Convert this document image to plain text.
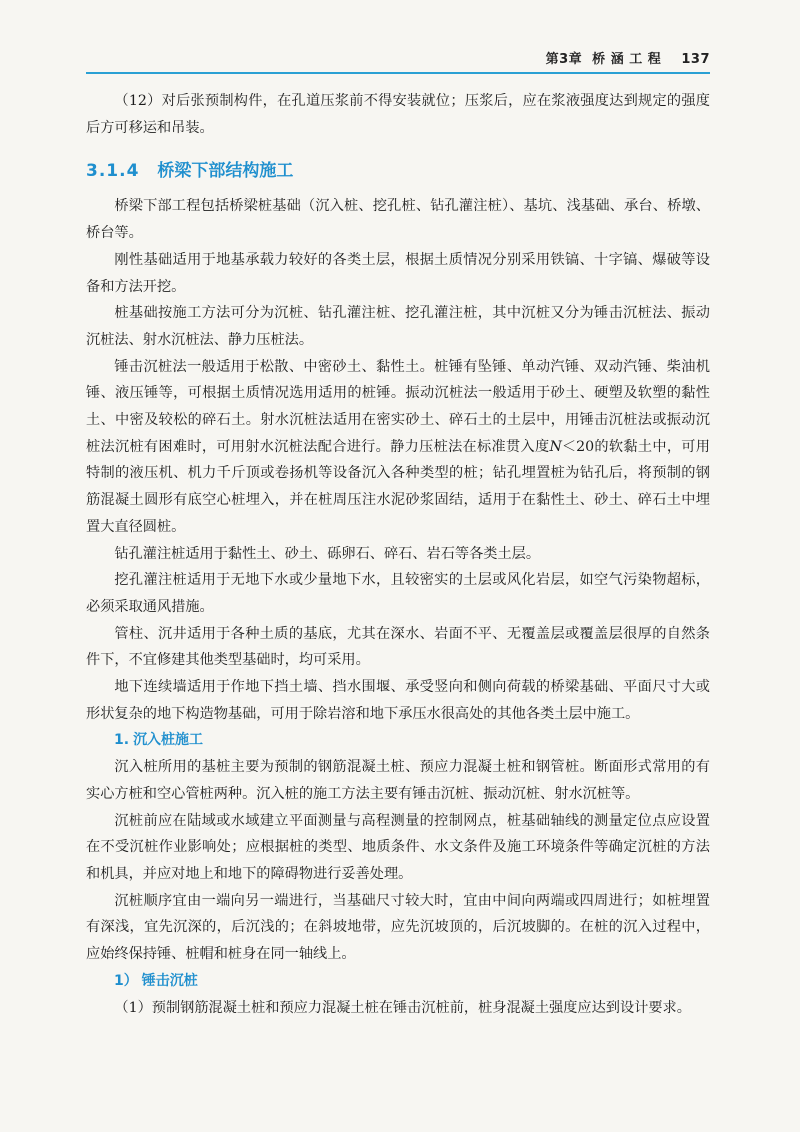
第3章  桥 涵 工 程    137

（12）对后张预制构件，在孔道压浆前不得安装就位；压浆后，应在浆液强度达到规定的强度后方可移运和吊装。

3.1.4 桥梁下部结构施工

桥梁下部工程包括桥梁桩基础（沉入桩、挖孔桩、钻孔灌注桩）、基坑、浅基础、承台、桥墩、桥台等。

刚性基础适用于地基承载力较好的各类土层，根据土质情况分别采用铁镐、十字镐、爆破等设备和方法开挖。

桩基础按施工方法可分为沉桩、钻孔灌注桩、挖孔灌注桩，其中沉桩又分为锤击沉桩法、振动沉桩法、射水沉桩法、静力压桩法。

锤击沉桩法一般适用于松散、中密砂土、黏性土。桩锤有坠锤、单动汽锤、双动汽锤、柴油机锤、液压锤等，可根据土质情况选用适用的桩锤。振动沉桩法一般适用于砂土、硬塑及软塑的黏性土、中密及较松的碎石土。射水沉桩法适用在密实砂土、碎石土的土层中，用锤击沉桩法或振动沉桩法沉桩有困难时，可用射水沉桩法配合进行。静力压桩法在标准贯入度N＜20的软黏土中，可用特制的液压机、机力千斤顶或卷扬机等设备沉入各种类型的桩；钻孔埋置桩为钻孔后，将预制的钢筋混凝土圆形有底空心桩埋入，并在桩周压注水泥砂浆固结，适用于在黏性土、砂土、碎石土中埋置大直径圆桩。

钻孔灌注桩适用于黏性土、砂土、砾卵石、碎石、岩石等各类土层。

挖孔灌注桩适用于无地下水或少量地下水，且较密实的土层或风化岩层，如空气污染物超标，必须采取通风措施。

管柱、沉井适用于各种土质的基底，尤其在深水、岩面不平、无覆盖层或覆盖层很厚的自然条件下，不宜修建其他类型基础时，均可采用。

地下连续墙适用于作地下挡土墙、挡水围堰、承受竖向和侧向荷载的桥梁基础、平面尺寸大或形状复杂的地下构造物基础，可用于除岩溶和地下承压水很高处的其他各类土层中施工。

1. 沉入桩施工

沉入桩所用的基桩主要为预制的钢筋混凝土桩、预应力混凝土桩和钢管桩。断面形式常用的有实心方桩和空心管桩两种。沉入桩的施工方法主要有锤击沉桩、振动沉桩、射水沉桩等。

沉桩前应在陆域或水域建立平面测量与高程测量的控制网点，桩基础轴线的测量定位点应设置在不受沉桩作业影响处；应根据桩的类型、地质条件、水文条件及施工环境条件等确定沉桩的方法和机具，并应对地上和地下的障碍物进行妥善处理。

沉桩顺序宜由一端向另一端进行，当基础尺寸较大时，宜由中间向两端或四周进行；如桩埋置有深浅，宜先沉深的，后沉浅的；在斜坡地带，应先沉坡顶的，后沉坡脚的。在桩的沉入过程中，应始终保持锤、桩帽和桩身在同一轴线上。

1） 锤击沉桩

（1）预制钢筋混凝土桩和预应力混凝土桩在锤击沉桩前，桩身混凝土强度应达到设计要求。
